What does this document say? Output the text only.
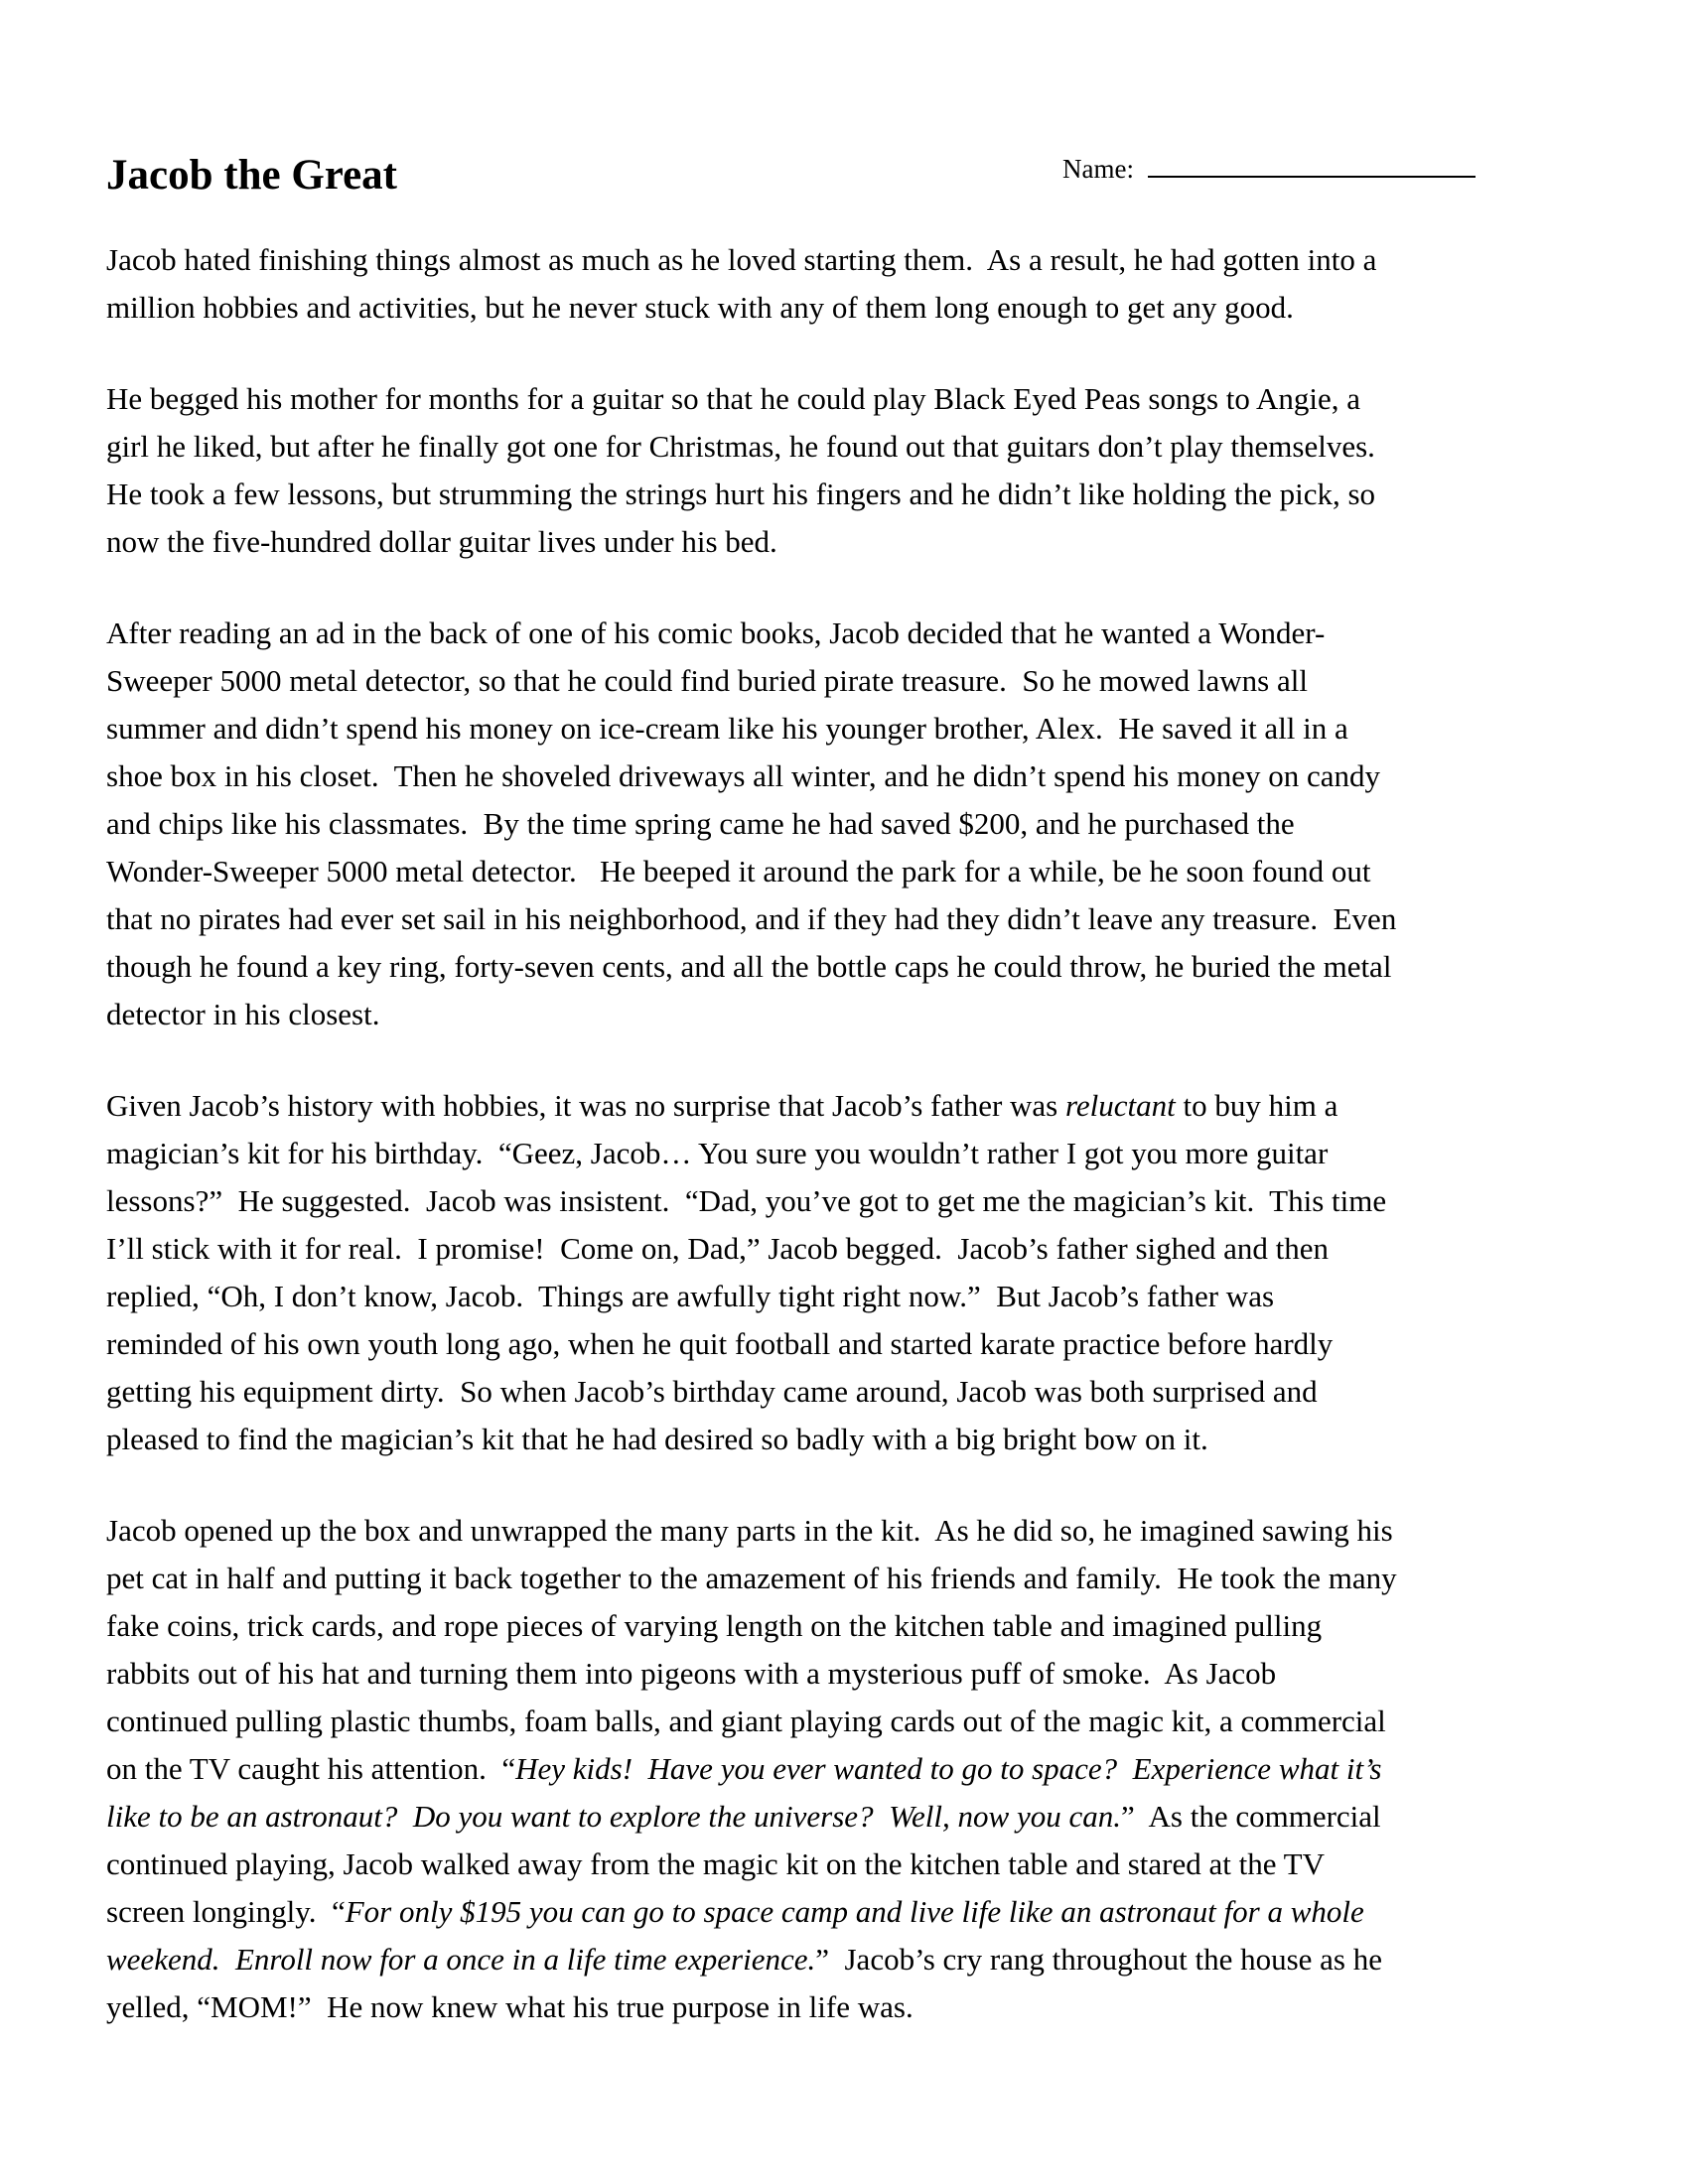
Name:

Jacob the Great
Jacob hated finishing things almost as much as he loved starting them.  As a result, he had gotten into a
million hobbies and activities, but he never stuck with any of them long enough to get any good.
He begged his mother for months for a guitar so that he could play Black Eyed Peas songs to Angie, a
girl he liked, but after he finally got one for Christmas, he found out that guitars don’t play themselves.
He took a few lessons, but strumming the strings hurt his fingers and he didn’t like holding the pick, so
now the five-hundred dollar guitar lives under his bed.
After reading an ad in the back of one of his comic books, Jacob decided that he wanted a Wonder-
Sweeper 5000 metal detector, so that he could find buried pirate treasure.  So he mowed lawns all
summer and didn’t spend his money on ice-cream like his younger brother, Alex.  He saved it all in a
shoe box in his closet.  Then he shoveled driveways all winter, and he didn’t spend his money on candy
and chips like his classmates.  By the time spring came he had saved $200, and he purchased the
Wonder-Sweeper 5000 metal detector.   He beeped it around the park for a while, be he soon found out
that no pirates had ever set sail in his neighborhood, and if they had they didn’t leave any treasure.  Even
though he found a key ring, forty-seven cents, and all the bottle caps he could throw, he buried the metal
detector in his closest.
Given Jacob’s history with hobbies, it was no surprise that Jacob’s father was reluctant to buy him a
magician’s kit for his birthday.  “Geez, Jacob… You sure you wouldn’t rather I got you more guitar
lessons?”  He suggested.  Jacob was insistent.  “Dad, you’ve got to get me the magician’s kit.  This time
I’ll stick with it for real.  I promise!  Come on, Dad,” Jacob begged.  Jacob’s father sighed and then
replied, “Oh, I don’t know, Jacob.  Things are awfully tight right now.”  But Jacob’s father was
reminded of his own youth long ago, when he quit football and started karate practice before hardly
getting his equipment dirty.  So when Jacob’s birthday came around, Jacob was both surprised and
pleased to find the magician’s kit that he had desired so badly with a big bright bow on it.
Jacob opened up the box and unwrapped the many parts in the kit.  As he did so, he imagined sawing his
pet cat in half and putting it back together to the amazement of his friends and family.  He took the many
fake coins, trick cards, and rope pieces of varying length on the kitchen table and imagined pulling
rabbits out of his hat and turning them into pigeons with a mysterious puff of smoke.  As Jacob
continued pulling plastic thumbs, foam balls, and giant playing cards out of the magic kit, a commercial
on the TV caught his attention.  “Hey kids!  Have you ever wanted to go to space?  Experience what it’s
like to be an astronaut?  Do you want to explore the universe?  Well, now you can.”  As the commercial
continued playing, Jacob walked away from the magic kit on the kitchen table and stared at the TV
screen longingly.  “For only $195 you can go to space camp and live life like an astronaut for a whole
weekend.  Enroll now for a once in a life time experience.”  Jacob’s cry rang throughout the house as he
yelled, “MOM!”  He now knew what his true purpose in life was.
